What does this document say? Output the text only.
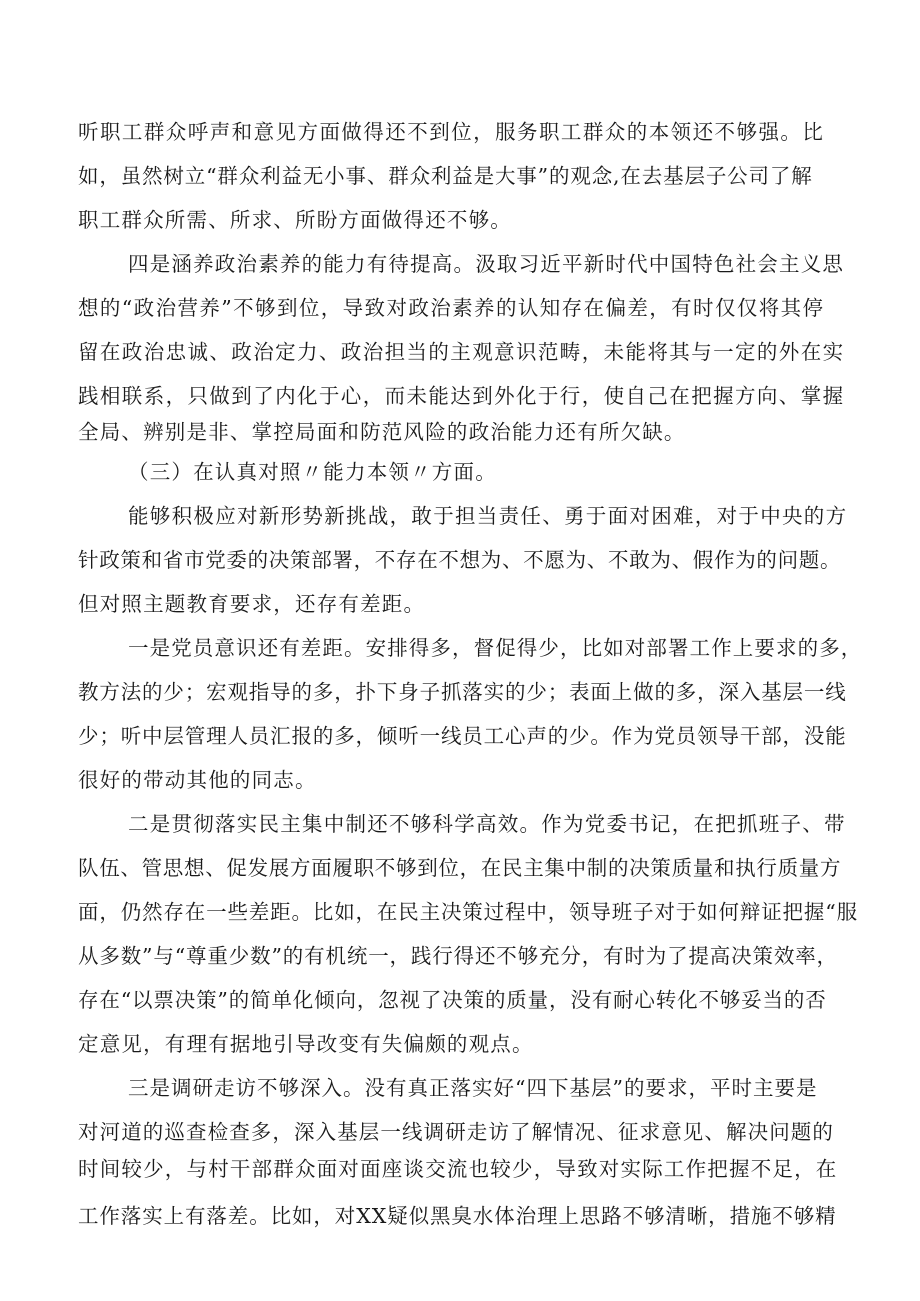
听职工群众呼声和意见方面做得还不到位，服务职工群众的本领还不够强。比
如，虽然树立“群众利益无小事、群众利益是大事”的观念,在去基层子公司了解
职工群众所需、所求、所盼方面做得还不够。
四是涵养政治素养的能力有待提高。汲取习近平新时代中国特色社会主义思
想的“政治营养”不够到位，导致对政治素养的认知存在偏差，有时仅仅将其停
留在政治忠诚、政治定力、政治担当的主观意识范畴，未能将其与一定的外在实
践相联系，只做到了内化于心，而未能达到外化于行，使自己在把握方向、掌握
全局、辨别是非、掌控局面和防范风险的政治能力还有所欠缺。
（三）在认真对照〃能力本领〃方面。
能够积极应对新形势新挑战，敢于担当责任、勇于面对困难，对于中央的方
针政策和省市党委的决策部署，不存在不想为、不愿为、不敢为、假作为的问题。
但对照主题教育要求，还存有差距。
一是党员意识还有差距。安排得多，督促得少，比如对部署工作上要求的多，
教方法的少；宏观指导的多，扑下身子抓落实的少；表面上做的多，深入基层一线
少；听中层管理人员汇报的多，倾听一线员工心声的少。作为党员领导干部，没能
很好的带动其他的同志。
二是贯彻落实民主集中制还不够科学高效。作为党委书记，在把抓班子、带
队伍、管思想、促发展方面履职不够到位，在民主集中制的决策质量和执行质量方
面，仍然存在一些差距。比如，在民主决策过程中，领导班子对于如何辩证把握“服
从多数”与“尊重少数”的有机统一，践行得还不够充分，有时为了提高决策效率，
存在“以票决策”的简单化倾向，忽视了决策的质量，没有耐心转化不够妥当的否
定意见，有理有据地引导改变有失偏颇的观点。
三是调研走访不够深入。没有真正落实好“四下基层”的要求，平时主要是
对河道的巡查检查多，深入基层一线调研走访了解情况、征求意见、解决问题的
时间较少，与村干部群众面对面座谈交流也较少，导致对实际工作把握不足，在
工作落实上有落差。比如，对XX疑似黑臭水体治理上思路不够清晰，措施不够精
